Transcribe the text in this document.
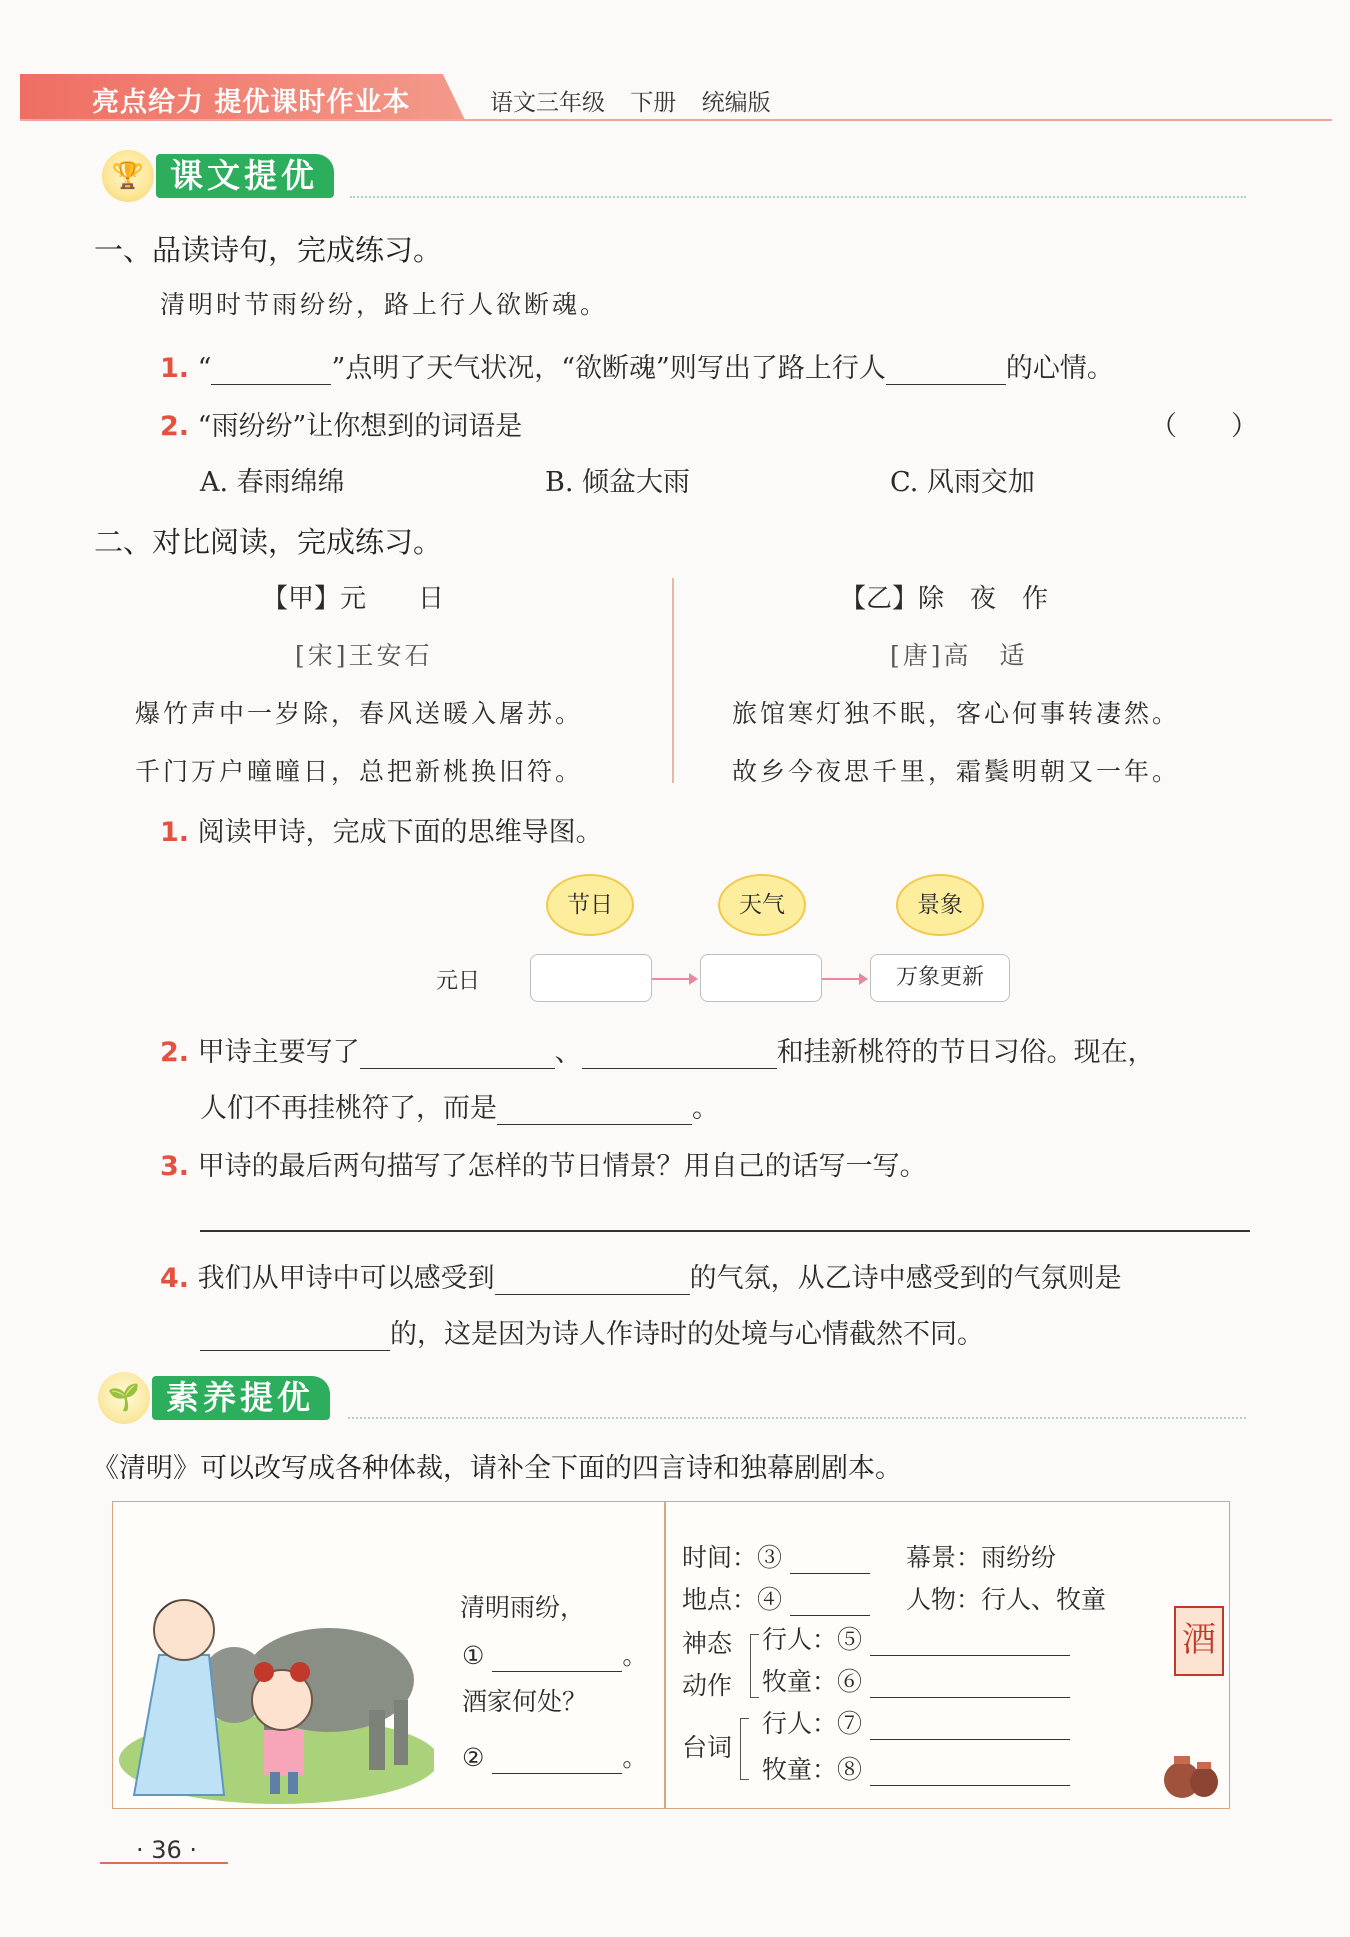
亮点给力 提优课时作业本	语文三年级 下册 统编版
🏆 课文提优
一、品读诗句，完成练习。
清明时节雨纷纷，路上行人欲断魂。
1. “	”点明了天气状况，“欲断魂”则写出了路上行人	的心情。
2. “雨纷纷”让你想到的词语是	（　　）
A. 春雨绵绵	B. 倾盆大雨	C. 风雨交加
二、对比阅读，完成练习。
【甲】元　　日
[宋]王安石
爆竹声中一岁除，春风送暖入屠苏。
千门万户曈曈日，总把新桃换旧符。
【乙】除　夜　作
[唐]高　适
旅馆寒灯独不眠，客心何事转凄然。
故乡今夜思千里，霜鬓明朝又一年。
1. 阅读甲诗，完成下面的思维导图。
节日	天气	景象
元日	万象更新
2. 甲诗主要写了	、	和挂新桃符的节日习俗。现在，
人们不再挂桃符了，而是	。
3. 甲诗的最后两句描写了怎样的节日情景？用自己的话写一写。
4. 我们从甲诗中可以感受到	的气氛，从乙诗中感受到的气氛则是
的，这是因为诗人作诗时的处境与心情截然不同。
🌱 素养提优
《清明》可以改写成各种体裁，请补全下面的四言诗和独幕剧剧本。
清明雨纷，
①	。
酒家何处？
②	。
时间：③	幕景：雨纷纷
地点：④	人物：行人、牧童
神态
动作
行人：⑤
牧童：⑥
台词
行人：⑦
牧童：⑧
酒
· 36 ·
